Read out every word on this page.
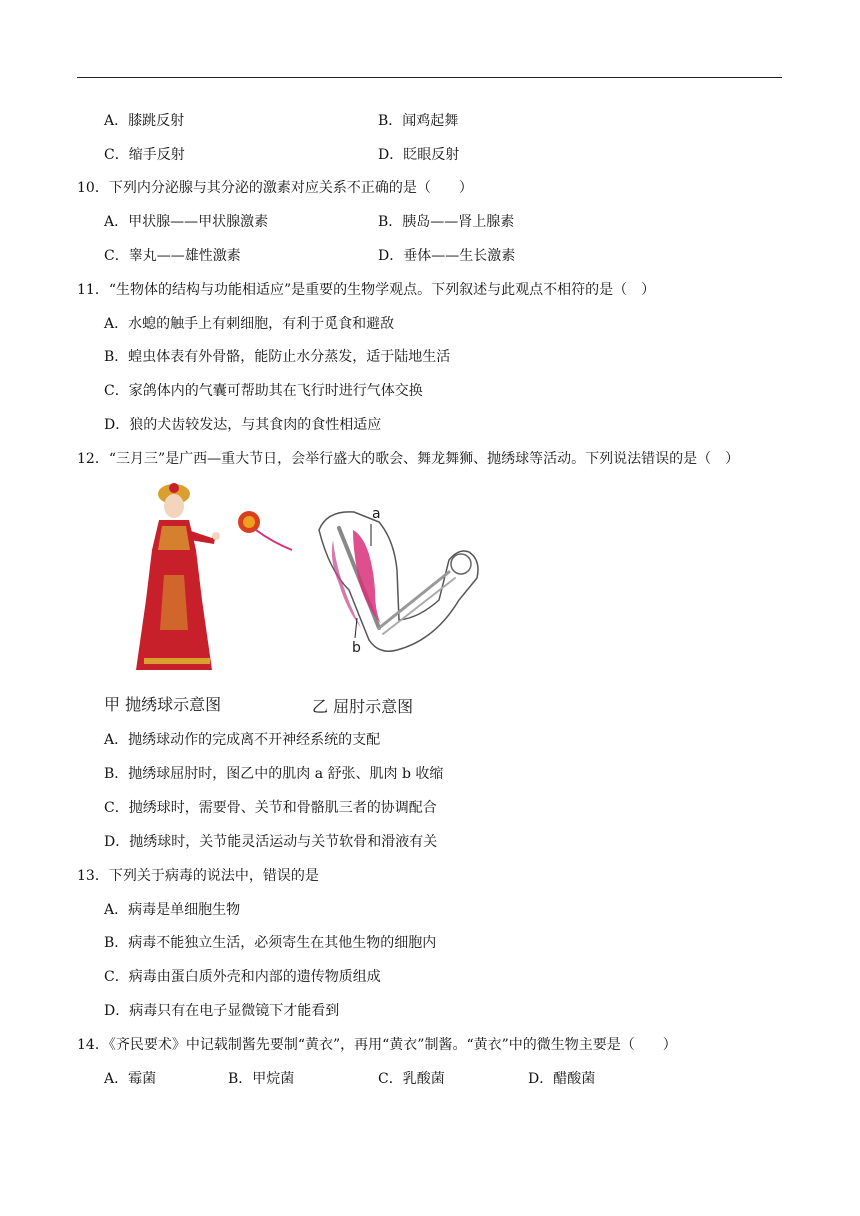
A．膝跳反射	B．闻鸡起舞
C．缩手反射	D．眨眼反射
10．下列内分泌腺与其分泌的激素对应关系不正确的是（　　）
A．甲状腺——甲状腺激素	B．胰岛——肾上腺素
C．睾丸——雄性激素	D．垂体——生长激素
11．“生物体的结构与功能相适应”是重要的生物学观点。下列叙述与此观点不相符的是（　）
A．水螅的触手上有刺细胞，有利于觅食和避敌
B．蝗虫体表有外骨骼，能防止水分蒸发，适于陆地生活
C．家鸽体内的气囊可帮助其在飞行时进行气体交换
D．狼的犬齿较发达，与其食肉的食性相适应
12．“三月三”是广西—重大节日，会举行盛大的歌会、舞龙舞狮、抛绣球等活动。下列说法错误的是（　）
a
b
甲 抛绣球示意图	乙 屈肘示意图
A．抛绣球动作的完成离不开神经系统的支配
B．抛绣球屈肘时，图乙中的肌肉 a 舒张、肌肉 b 收缩
C．抛绣球时，需要骨、关节和骨骼肌三者的协调配合
D．抛绣球时，关节能灵活运动与关节软骨和滑液有关
13．下列关于病毒的说法中，错误的是
A．病毒是单细胞生物
B．病毒不能独立生活，必须寄生在其他生物的细胞内
C．病毒由蛋白质外壳和内部的遗传物质组成
D．病毒只有在电子显微镜下才能看到
14．《齐民要术》中记载制酱先要制“黄衣”，再用“黄衣”制酱。“黄衣”中的微生物主要是（　　）
A．霉菌	B．甲烷菌	C．乳酸菌	D．醋酸菌
